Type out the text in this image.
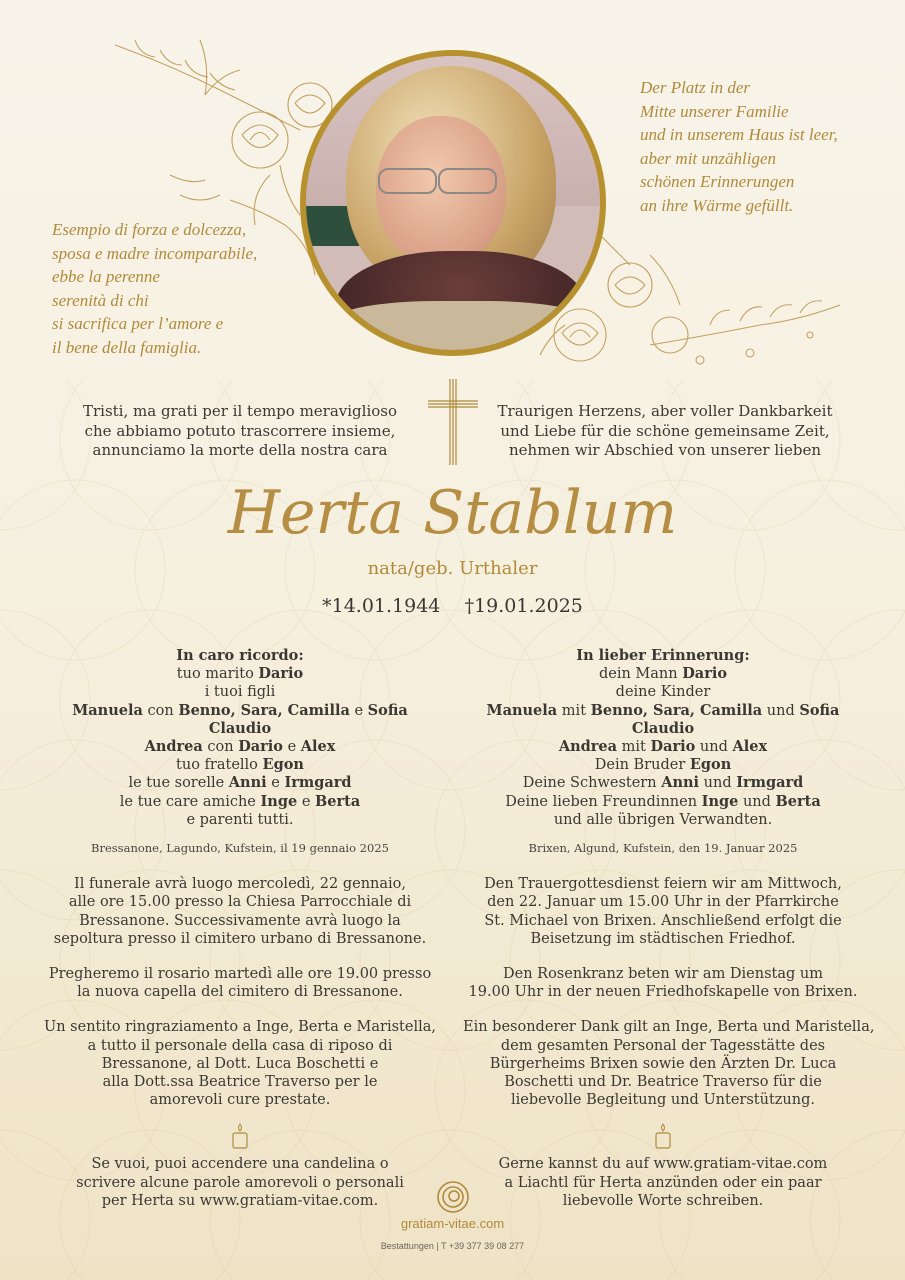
Esempio di forza e dolcezza,
sposa e madre incomparabile,
ebbe la perenne
serenità di chi
si sacrifica per l’amore e
il bene della famiglia.
Der Platz in der
Mitte unserer Familie
und in unserem Haus ist leer,
aber mit unzähligen
schönen Erinnerungen
an ihre Wärme gefüllt.
Tristi, ma grati per il tempo meraviglioso
che abbiamo potuto trascorrere insieme,
annunciamo la morte della nostra cara
Traurigen Herzens, aber voller Dankbarkeit
und Liebe für die schöne gemeinsame Zeit,
nehmen wir Abschied von unserer lieben
Herta Stablum
nata/geb. Urthaler
*14.01.1944 †19.01.2025
In caro ricordo:
tuo marito Dario
i tuoi figli
Manuela con Benno, Sara, Camilla e Sofia
Claudio
Andrea con Dario e Alex
tuo fratello Egon
le tue sorelle Anni e Irmgard
le tue care amiche Inge e Berta
e parenti tutti.
Bressanone, Lagundo, Kufstein, il 19 gennaio 2025
Il funerale avrà luogo mercoledì, 22 gennaio,
alle ore 15.00 presso la Chiesa Parrocchiale di
Bressanone. Successivamente avrà luogo la
sepoltura presso il cimitero urbano di Bressanone.
Pregheremo il rosario martedì alle ore 19.00 presso
la nuova capella del cimitero di Bressanone.
Un sentito ringraziamento a Inge, Berta e Maristella,
a tutto il personale della casa di riposo di
Bressanone, al Dott. Luca Boschetti e
alla Dott.ssa Beatrice Traverso per le
amorevoli cure prestate.
Se vuoi, puoi accendere una candelina o
scrivere alcune parole amorevoli o personali
per Herta su www.gratiam-vitae.com.
In lieber Erinnerung:
dein Mann Dario
deine Kinder
Manuela mit Benno, Sara, Camilla und Sofia
Claudio
Andrea mit Dario und Alex
Dein Bruder Egon
Deine Schwestern Anni und Irmgard
Deine lieben Freundinnen Inge und Berta
und alle übrigen Verwandten.
Brixen, Algund, Kufstein, den 19. Januar 2025
Den Trauergottesdienst feiern wir am Mittwoch,
den 22. Januar um 15.00 Uhr in der Pfarrkirche
St. Michael von Brixen. Anschließend erfolgt die
Beisetzung im städtischen Friedhof.
Den Rosenkranz beten wir am Dienstag um
19.00 Uhr in der neuen Friedhofskapelle von Brixen.
Ein besonderer Dank gilt an Inge, Berta und Maristella,
dem gesamten Personal der Tagesstätte des
Bürgerheims Brixen sowie den Ärzten Dr. Luca
Boschetti und Dr. Beatrice Traverso für die
liebevolle Begleitung und Unterstützung.
Gerne kannst du auf www.gratiam-vitae.com
a Liachtl für Herta anzünden oder ein paar
liebevolle Worte schreiben.
gratiam-vitae.com
Bestattungen | T +39 377 39 08 277
